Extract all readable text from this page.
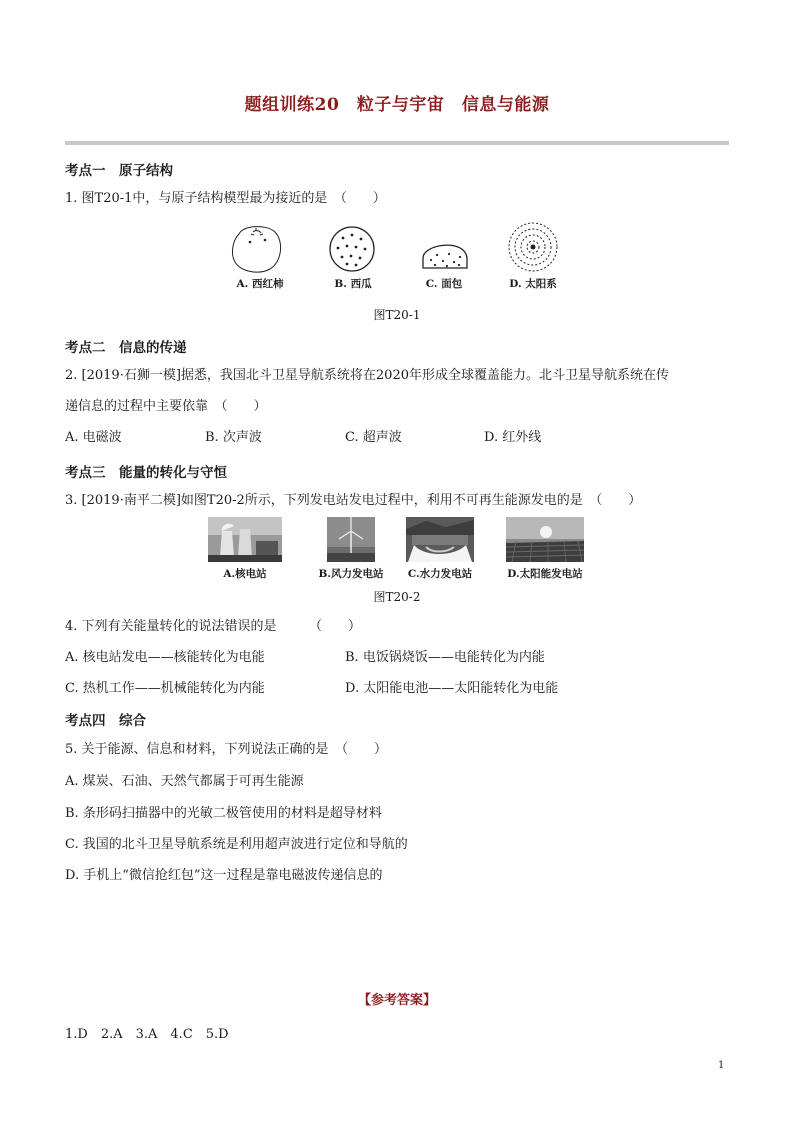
题组训练20　粒子与宇宙　信息与能源
考点一　原子结构
1. 图T20-1中，与原子结构模型最为接近的是　（　　）
A. 西红柿	B. 西瓜	C. 面包	D. 太阳系
图T20-1
考点二　信息的传递
2. [2019·石狮一模]据悉，我国北斗卫星导航系统将在2020年形成全球覆盖能力。北斗卫星导航系统在传
递信息的过程中主要依靠　（　　）
A. 电磁波	B. 次声波	C. 超声波	D. 红外线
考点三　能量的转化与守恒
3. [2019·南平二模]如图T20-2所示，下列发电站发电过程中，利用不可再生能源发电的是　（　　）
A.核电站	B.风力发电站	C.水力发电站	D.太阳能发电站
图T20-2
4. 下列有关能量转化的说法错误的是　　　（　　）
A. 核电站发电——核能转化为电能	B. 电饭锅烧饭——电能转化为内能
C. 热机工作——机械能转化为内能	D. 太阳能电池——太阳能转化为电能
考点四　综合
5. 关于能源、信息和材料，下列说法正确的是　（　　）
A. 煤炭、石油、天然气都属于可再生能源
B. 条形码扫描器中的光敏二极管使用的材料是超导材料
C. 我国的北斗卫星导航系统是利用超声波进行定位和导航的
D. 手机上“微信抢红包”这一过程是靠电磁波传递信息的
【参考答案】
1.D　2.A　3.A　4.C　5.D
1
